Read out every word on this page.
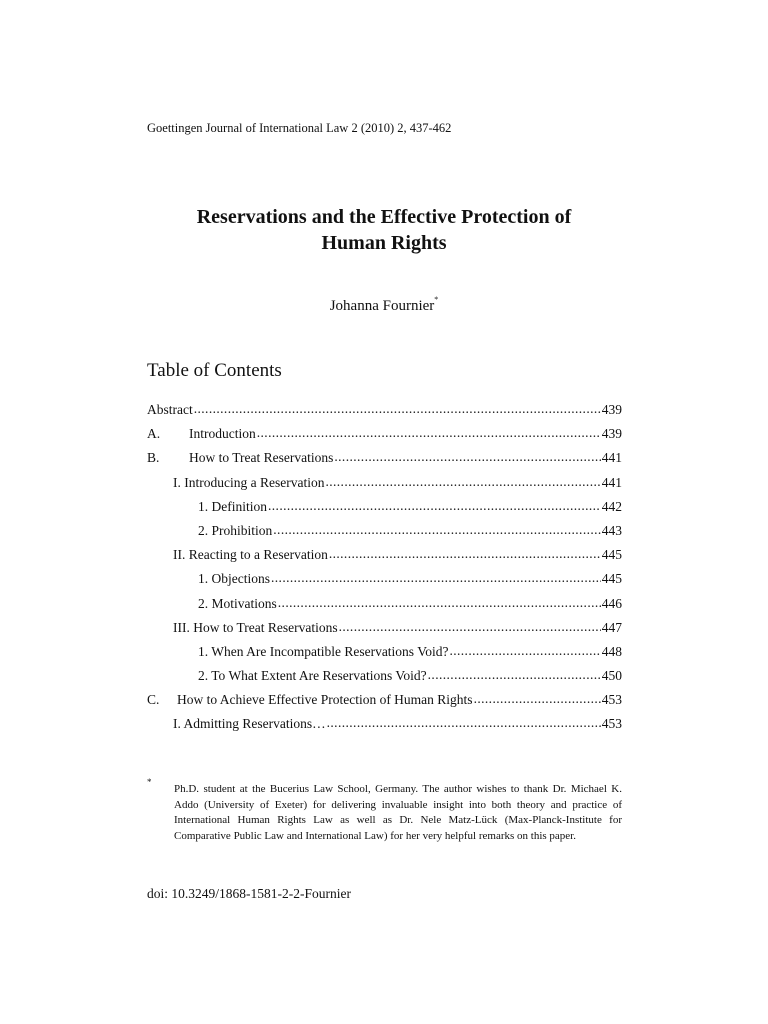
Goettingen Journal of International Law 2 (2010) 2, 437-462
Reservations and the Effective Protection of
Human Rights
Johanna Fournier*
Table of Contents
Abstract .....	439
A.	Introduction .....	439
B.	How to Treat Reservations .....	441
I. Introducing a Reservation .....	441
1. Definition .....	442
2. Prohibition .....	443
II. Reacting to a Reservation .....	445
1. Objections .....	445
2. Motivations .....	446
III. How to Treat Reservations .....	447
1. When Are Incompatible Reservations Void? .....	448
2. To What Extent Are Reservations Void? .....	450
C.	How to Achieve Effective Protection of Human Rights .....	453
I. Admitting Reservations… .....	453
*
Ph.D. student at the Bucerius Law School, Germany. The author wishes to thank Dr. Michael K. Addo (University of Exeter) for delivering invaluable insight into both theory and practice of International Human Rights Law as well as Dr. Nele Matz-Lück (Max-Planck-Institute for Comparative Public Law and International Law) for her very helpful remarks on this paper.
doi: 10.3249/1868-1581-2-2-Fournier
